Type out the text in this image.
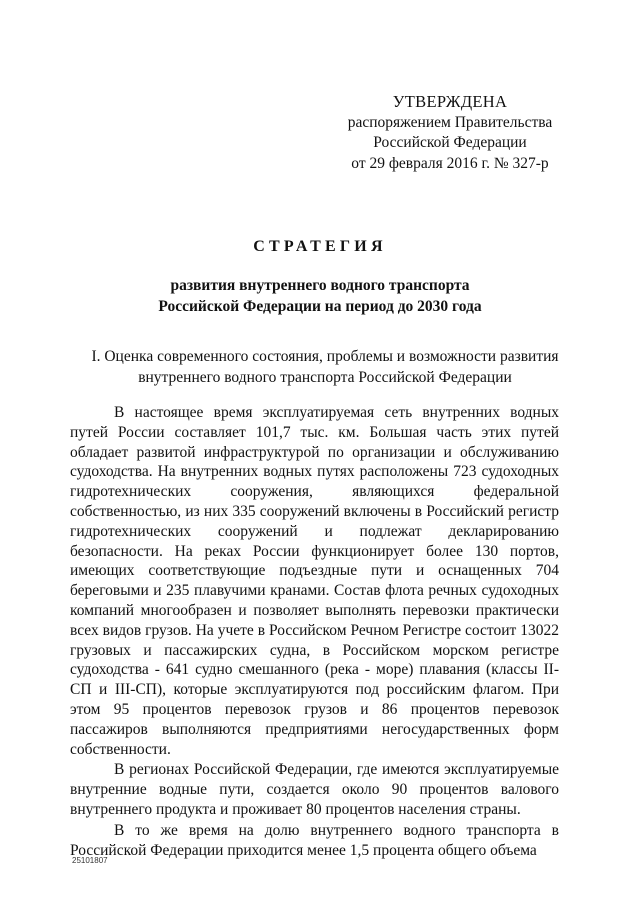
УТВЕРЖДЕНА
распоряжением Правительства
Российской Федерации
от 29 февраля 2016 г. № 327-р
СТРАТЕГИЯ
развития внутреннего водного транспорта
Российской Федерации на период до 2030 года
I. Оценка современного состояния, проблемы и возможности развития
внутреннего водного транспорта Российской Федерации

В настоящее время эксплуатируемая сеть внутренних водных путей России составляет 101,7 тыс. км. Большая часть этих путей обладает развитой инфраструктурой по организации и обслуживанию судоходства. На внутренних водных путях расположены 723 судоходных гидротехнических сооружения, являющихся федеральной собственностью, из них 335 сооружений включены в Российский регистр гидротехнических сооружений и подлежат декларированию безопасности. На реках России функционирует более 130 портов, имеющих соответствующие подъездные пути и оснащенных 704 береговыми и 235 плавучими кранами. Состав флота речных судоходных компаний многообразен и позволяет выполнять перевозки практически всех видов грузов. На учете в Российском Речном Регистре состоит 13022 грузовых и пассажирских судна, в Российском морском регистре судоходства - 641 судно смешанного (река - море) плавания (классы II-СП и III-СП), которые эксплуатируются под российским флагом. При этом 95 процентов перевозок грузов и 86 процентов перевозок пассажиров выполняются предприятиями негосударственных форм собственности.

В регионах Российской Федерации, где имеются эксплуатируемые внутренние водные пути, создается около 90 процентов валового внутреннего продукта и проживает 80 процентов населения страны.

В то же время на долю внутреннего водного транспорта в Российской Федерации приходится менее 1,5 процента общего объема

25101807
